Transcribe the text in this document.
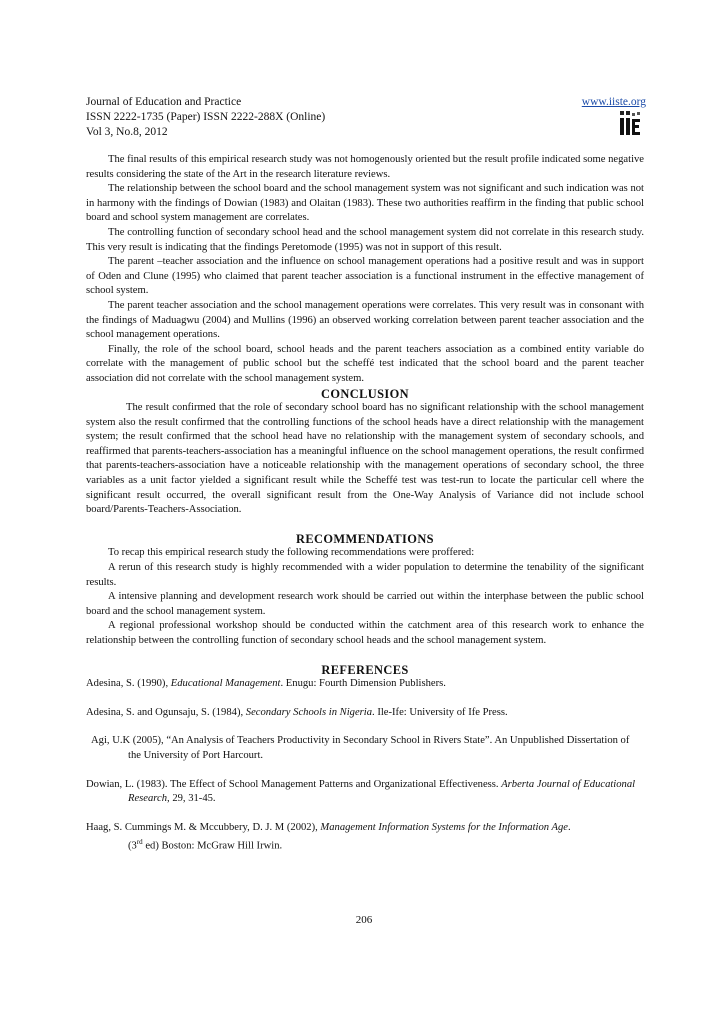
Journal of Education and Practice
ISSN 2222-1735 (Paper) ISSN 2222-288X (Online)
Vol 3, No.8, 2012
www.iiste.org

The final results of this empirical research study was not homogenously oriented but the result profile indicated some negative results considering the state of the Art in the research literature reviews.

The relationship between the school board and the school management system was not significant and such indication was not in harmony with the findings of Dowian (1983) and Olaitan (1983). These two authorities reaffirm in the finding that public school board and school system management are correlates.

The controlling function of secondary school head and the school management system did not correlate in this research study. This very result is indicating that the findings Peretomode (1995) was not in support of this result.

The parent –teacher association and the influence on school management operations had a positive result and was in support of Oden and Clune (1995) who claimed that parent teacher association is a functional instrument in the effective management of school system.

The parent teacher association and the school management operations were correlates. This very result was in consonant with the findings of Maduagwu (2004) and Mullins (1996) an observed working correlation between parent teacher association and the school management operations.

Finally, the role of the school board, school heads and the parent teachers association as a combined entity variable do correlate with the management of public school but the scheffé test indicated that the school board and the parent teacher association did not correlate with the school management system.

CONCLUSION

The result confirmed that the role of secondary school board has no significant relationship with the school management system also the result confirmed that the controlling functions of the school heads have a direct relationship with the management system; the result confirmed that the school head have no relationship with the management system of secondary schools, and reaffirmed that parents-teachers-association has a meaningful influence on the school management operations, the result confirmed that parents-teachers-association have a noticeable relationship with the management operations of secondary school, the three variables as a unit factor yielded a significant result while the Scheffé test was test-run to locate the particular cell where the significant result occurred, the overall significant result from the One-Way Analysis of Variance did not include school board/Parents-Teachers-Association.

RECOMMENDATIONS

To recap this empirical research study the following recommendations were proffered:

A rerun of this research study is highly recommended with a wider population to determine the tenability of the significant results.

A intensive planning and development research work should be carried out within the interphase between the public school board and the school management system.

A regional professional workshop should be conducted within the catchment area of this research work to enhance the relationship between the controlling function of secondary school heads and the school management system.

REFERENCES

Adesina, S. (1990), Educational Management. Enugu: Fourth Dimension Publishers.

Adesina, S. and Ogunsaju, S. (1984), Secondary Schools in Nigeria. Ile-Ife: University of Ife Press.

Agi, U.K (2005), “An Analysis of Teachers Productivity in Secondary School in Rivers State”. An Unpublished Dissertation of the University of Port Harcourt.

Dowian, L. (1983). The Effect of School Management Patterns and Organizational Effectiveness. Arberta Journal of Educational Research, 29, 31-45.

Haag, S. Cummings M. & Mccubbery, D. J. M (2002), Management Information Systems for the Information Age.
(3rd ed) Boston: McGraw Hill Irwin.

206
